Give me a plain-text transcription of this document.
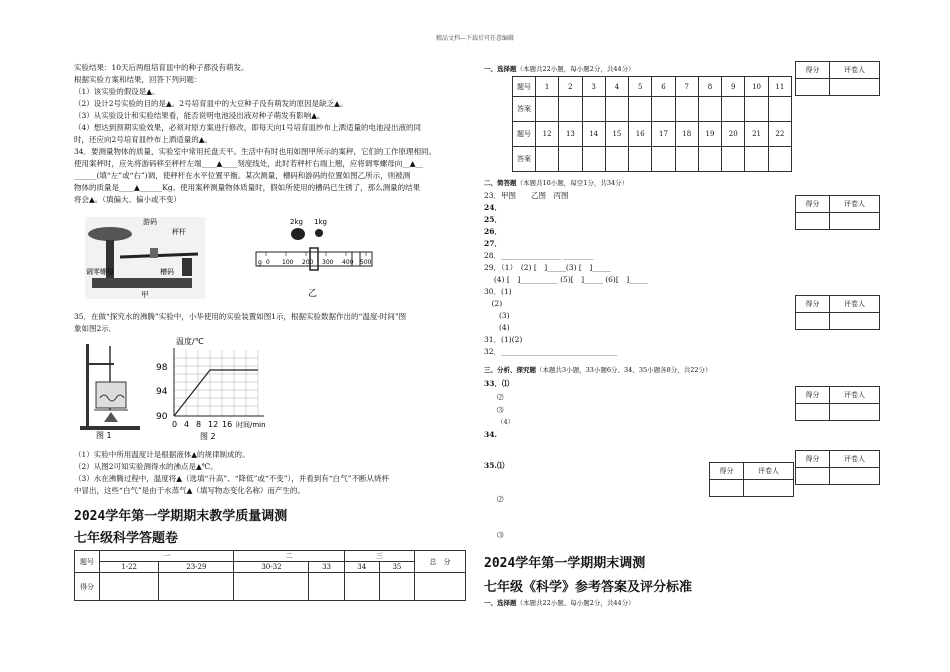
精品文档---下载后可任意编辑
实验结果：10天后两组培育皿中的种子都没有萌发。
根据实验方案和结果，回答下列问题：
（1）该实验的假设是▲。
（2）设计2号实验的目的是▲。2号培育皿中的大豆种子没有萌发的原因是缺乏▲。
（3）从实验设计和实验结果看，能否说明电池浸出液对种子萌发有影响▲。
（4）想达到预期实验效果，必须对原方案进行修改，即每天向1号培育皿纱布上洒适量的电池浸出液的同
时，还应向2号培育皿纱布上洒适量的▲。
34．要测量物体的质量，实验室中常用托盘天平。生活中有时也用如图甲所示的案秤，它们的工作原理相同。
使用案秤时，应先将游码移至秤杆左端____▲____刻度线处，此时若秤杆右端上翘，应将调零螺母向__▲__
______(填“左”或“右”)调，使秤杆在水平位置平衡。某次测量，槽码和游码的位置如图乙所示，则被测
物体的质量是____▲______Kg。使用案秤测量物体质量时，假如所使用的槽码已生锈了，那么测量的结果
将会▲。（填偏大、偏小或不变）
游码
秤杆
调零螺母	槽码
甲
2kg 1kg
g 0 100 200 300 400 500
乙
35．在做“探究水的沸腾”实验中，小华使用的实验装置如图1示，根据实验数据作出的“温度-时间”图
象如图2示．
图 1
温度/℃
90
94
98
0 4 8 12 16 时间/min
图 2
（1）实验中所用温度计是根据液体▲的规律制成的。
（2）从图2可知实验测得水的沸点是▲℃。
（3）水在沸腾过程中，温度将▲（选填“升高”、“降低”或“不变”），并看到有“白气”不断从烧杯
中冒出，这些“白气”是由于水蒸气▲（填写物态变化名称）而产生的。
2024学年第一学期期末教学质量调测
七年级科学答题卷
题号	一		二		三		总　分
	1-22	23-29	30-32	33	34	35	
得分							
一、选择题（本题共22小题，每小题2分，共44分）
题号	1	2	3	4	5	6	7	8	9	10	11
答案											
题号	12	13	14	15	16	17	18	19	20	21	22
答案											
得分	评卷人

得分	评卷人

得分	评卷人

得分	评卷人

得分	评卷人

得分	评卷人

二、简答题（本题共10小题，每空1分，共34分）
23．甲图　　乙图　丙图
24．
25．
26．
27．
28．________________ ________
29．（1）　(2) [　]_____(3) [　]_____
　 (4) [　]__________ (5)[　]_____ (6)[　]_____
30．(1)
　(2)
　　(3)
　　(4)
31．(1)(2)
32．_______________________________
三、分析、探究题（本题共3小题，33小题6分、34、35小题各8分，共22分）
33．⑴
⑵
⑶
（4）
34.
35.⑴
⑵
⑶
2024学年第一学期期末调测
七年级《科学》参考答案及评分标准
一、选择题（本题共22小题、每小题2分，共44分）
